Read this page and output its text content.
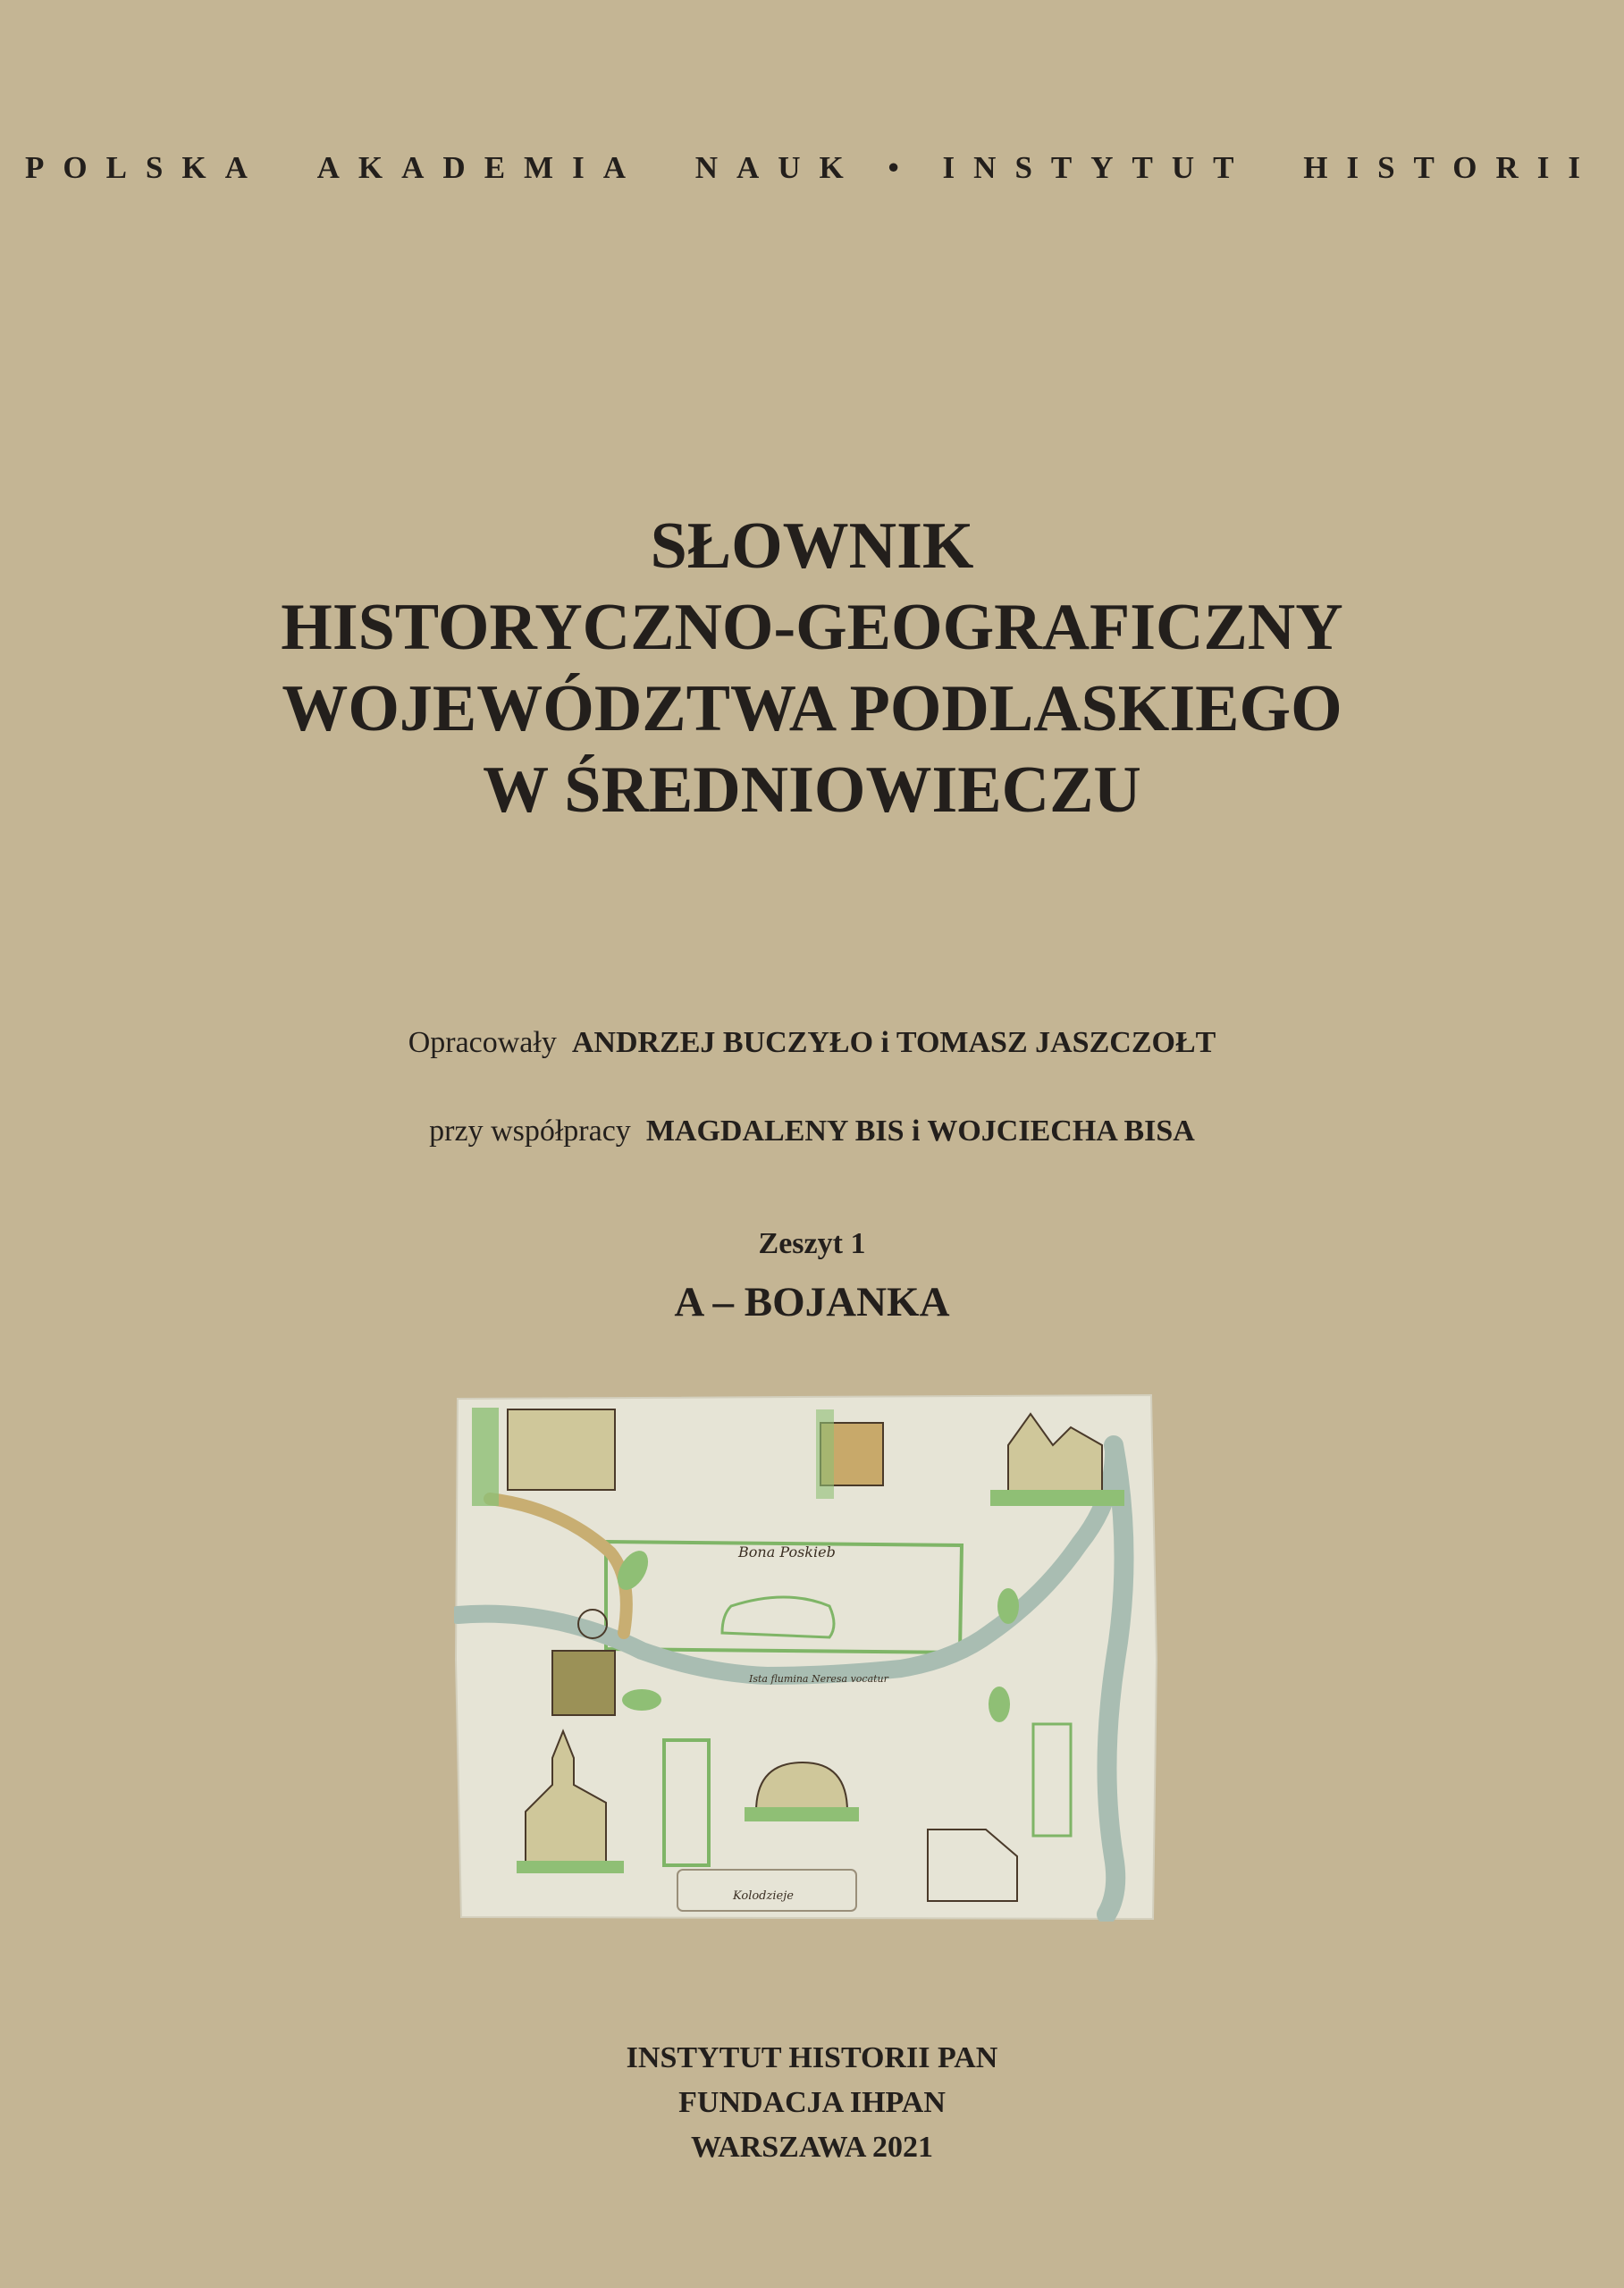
POLSKA AKADEMIA NAUK • INSTYTUT HISTORII
SŁOWNIK
HISTORYCZNO-GEOGRAFICZNY
WOJEWÓDZTWA PODLASKIEGO
W ŚREDNIOWIECZU
Opracowały ANDRZEJ BUCZYŁO i TOMASZ JASZCZOŁT
przy współpracy MAGDALENY BIS i WOJCIECHA BISA
Zeszyt 1
A – BOJANKA
Bona Poskieb
Ista flumina Neresa vocatur
Kolodzieje
INSTYTUT HISTORII PAN
FUNDACJA IHPAN
WARSZAWA 2021
